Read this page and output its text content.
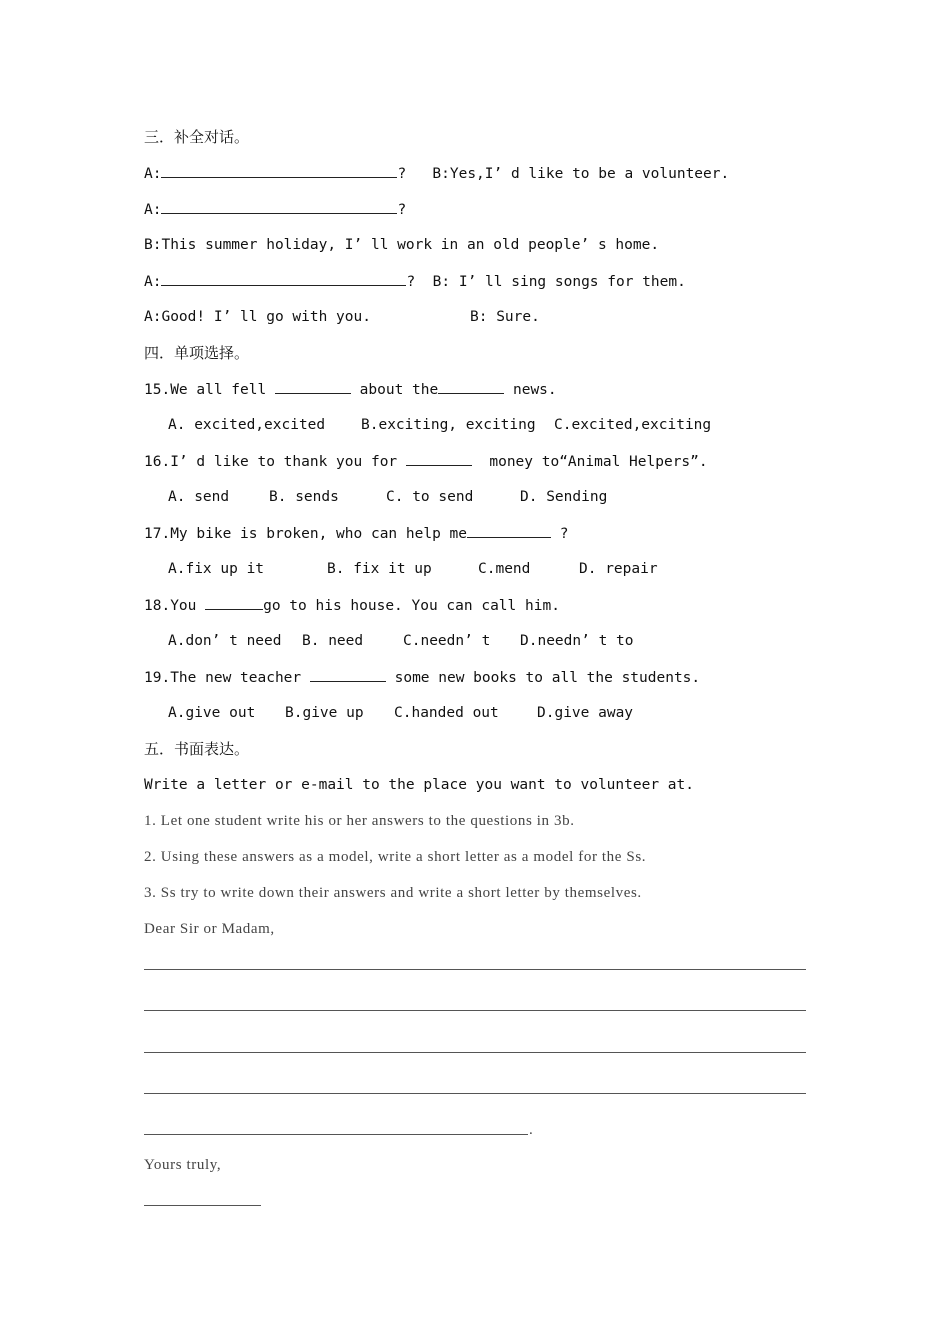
三．补全对话。
A:	? B:Yes,I’ d like to be a volunteer.
A:	?
B:This summer holiday, I’ ll work in an old people’ s home.
A:	? B: I’ ll sing songs for them.
A:Good! I’ ll go with you.	B: Sure.
四．单项选择。
15.We all fell	about the	news.
A. excited,excited B.exciting, exciting C.excited,exciting
16.I’ d like to thank you for	money to“Animal Helpers”.
A. send	B. sends	C. to send	D. Sending
17.My bike is broken, who can help me	?
A.fix up it	B. fix it up	C.mend	D. repair
18.You	go to his house. You can call him.
A.don’ t need B. need	C.needn’ t D.needn’ t to
19.The new teacher	some new books to all the students.
A.give out B.give up C.handed out	D.give away
五．书面表达。
Write a letter or e-mail to the place you want to volunteer at.
1. Let one student write his or her answers to the questions in 3b.
2. Using these answers as a model, write a short letter as a model for the Ss.
3. Ss try to write down their answers and write a short letter by themselves.
Dear Sir or Madam,
.
Yours truly,
